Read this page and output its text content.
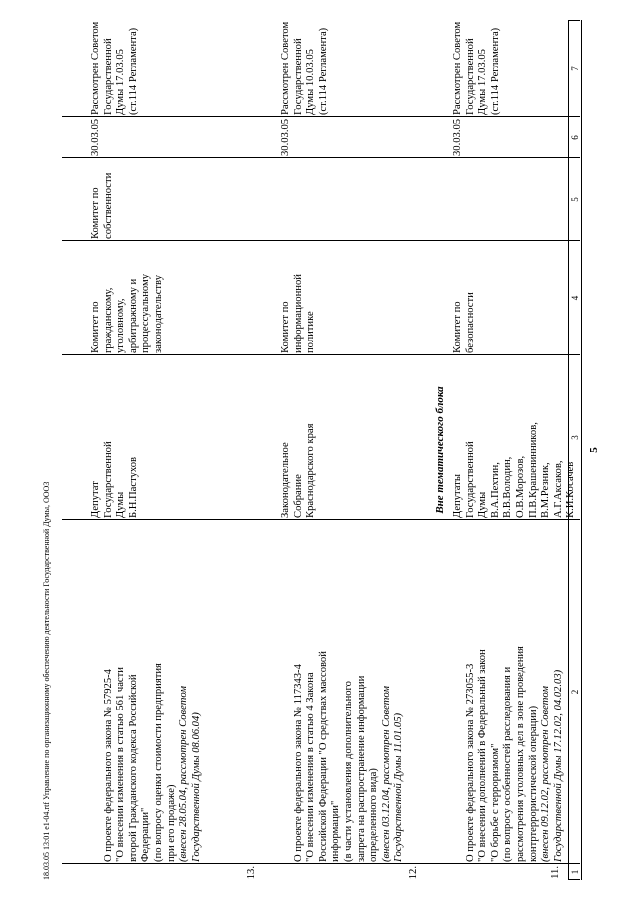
18.03.05 13:01 e1-04.rtf Управление по организационному обеспечению деятельности Государственной Думы, ООО3	13.

О проекте федерального закона № 57925-4
"О внесении изменения в статью 561 части
второй Гражданского кодекса Российской
Федерации"
(по вопросу оценки стоимости предприятия
при его продаже)

(внесен 28.05.04, рассмотрен Советом
Государственной Думы 08.06.04)

Депутат
Государственной
Думы
Б.Н.Пастухов
Комитет по
гражданскому,
уголовному,
арбитражному и
процессуальному
законодательству
Комитет по
собственности
30.03.05
Рассмотрен Советом
Государственной
Думы 17.03.05
(ст.114 Регламента)
12.

О проекте федерального закона № 117343-4
"О внесении изменения в статью 4 Закона
Российской Федерации "О средствах массовой
информации"
(в части установления дополнительного
запрета на распространение информации
определенного вида)

(внесен 03.12.04, рассмотрен Советом
Государственной Думы 11.01.05)

Законодательное
Собрание
Краснодарского края
Комитет по
информационной
политике
30.03.05
Рассмотрен Советом
Государственной
Думы 10.03.05
(ст.114 Регламента)
Вне тематического блока
11.

О проекте федерального закона № 273055-3
"О внесении дополнений в Федеральный закон
"О борьбе с терроризмом"
(по вопросу особенностей расследования и
рассмотрения уголовных дел в зоне проведения
контртеррористической операции)

(внесен 09.12.02, рассмотрен Советом
Государственной Думы 17.12.02, 04.02.03)

Депутаты
Государственной
Думы
В.А.Пехтин,
В.В.Володин,
О.В.Морозов,
П.В.Крашенинников,
В.М.Резник,
А.Г.Аксаков,
К.И.Косачев
Комитет по
безопасности
30.03.05
Рассмотрен Советом
Государственной
Думы 17.03.05
(ст.114 Регламента)
1
2
3
4
5
6
7
5
